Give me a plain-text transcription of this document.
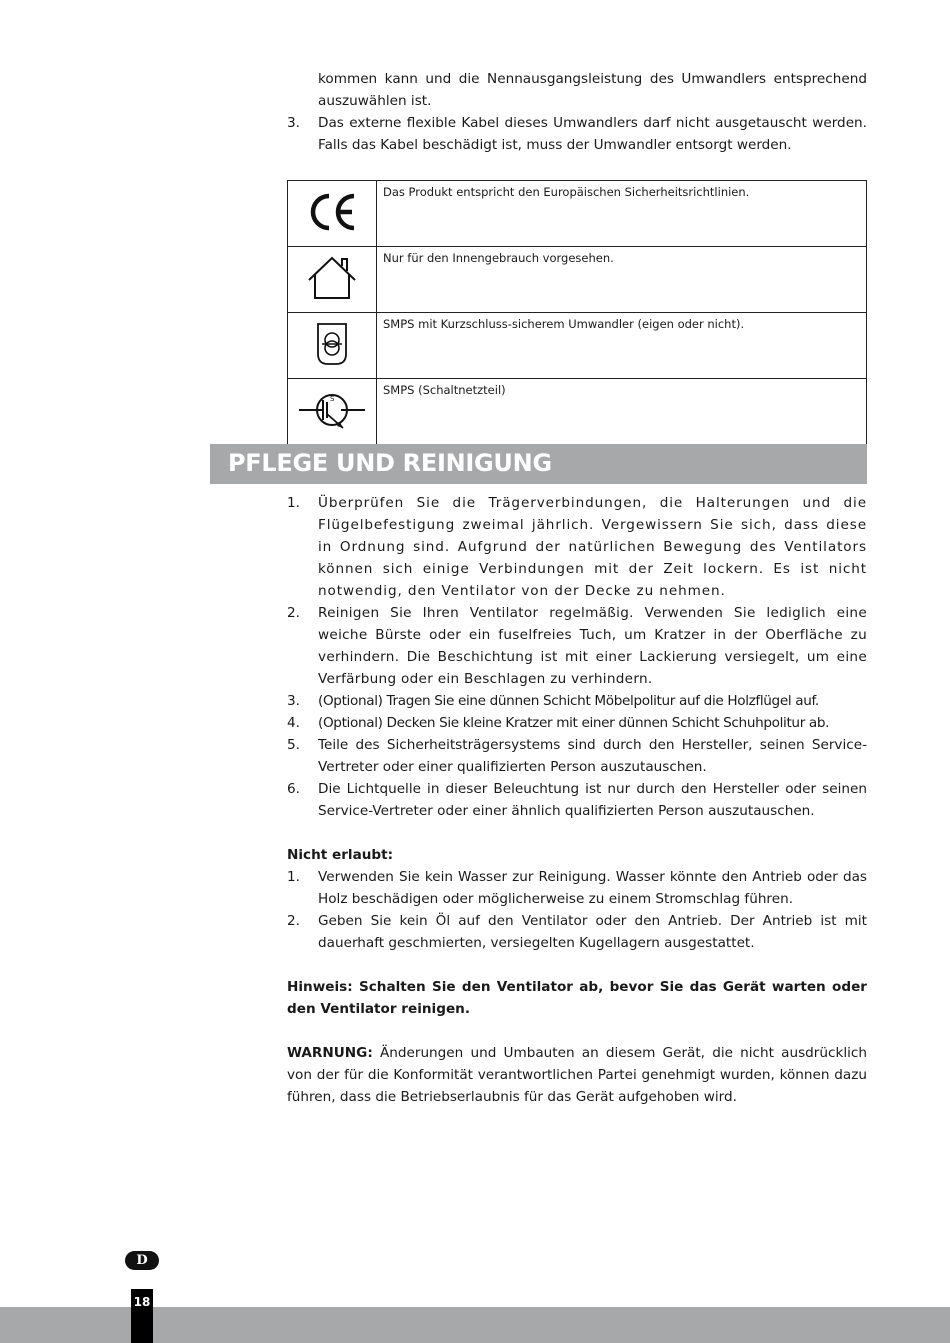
kommen kann und die Nennausgangsleistung des Umwandlers entsprechend
auszuwählen ist.
3. Das externe flexible Kabel dieses Umwandlers darf nicht ausgetauscht werden. Falls das Kabel beschädigt ist, muss der Umwandler entsorgt werden.
	Das Produkt entspricht den Europäischen Sicherheitsrichtlinien.
	Nur für den Innengebrauch vorgesehen.
	SMPS mit Kurzschluss-sicherem Umwandler (eigen oder nicht).

S	SMPS (Schaltnetzteil)
PFLEGE UND REINIGUNG
1. Überprüfen Sie die Trägerverbindungen, die Halterungen und die Flügelbefestigung zweimal jährlich. Vergewissern Sie sich, dass diese in Ordnung sind. Aufgrund der natürlichen Bewegung des Ventilators können sich einige Verbindungen mit der Zeit lockern. Es ist nicht notwendig, den Ventilator von der Decke zu nehmen.
2. Reinigen Sie Ihren Ventilator regelmäßig. Verwenden Sie lediglich eine weiche Bürste oder ein fuselfreies Tuch, um Kratzer in der Oberfläche zu verhindern. Die Beschichtung ist mit einer Lackierung versiegelt, um eine Verfärbung oder ein Beschlagen zu verhindern.
3. (Optional) Tragen Sie eine dünnen Schicht Möbelpolitur auf die Holzflügel auf.
4. (Optional) Decken Sie kleine Kratzer mit einer dünnen Schicht Schuhpolitur ab.
5. Teile des Sicherheitsträgersystems sind durch den Hersteller, seinen Service-Vertreter oder einer qualifizierten Person auszutauschen.
6. Die Lichtquelle in dieser Beleuchtung ist nur durch den Hersteller oder seinen Service-Vertreter oder einer ähnlich qualifizierten Person auszutauschen.
Nicht erlaubt:
1. Verwenden Sie kein Wasser zur Reinigung. Wasser könnte den Antrieb oder das Holz beschädigen oder möglicherweise zu einem Stromschlag führen.
2. Geben Sie kein Öl auf den Ventilator oder den Antrieb. Der Antrieb ist mit dauerhaft geschmierten, versiegelten Kugellagern ausgestattet.
Hinweis: Schalten Sie den Ventilator ab, bevor Sie das Gerät warten oder den Ventilator reinigen.
WARNUNG: Änderungen und Umbauten an diesem Gerät, die nicht ausdrücklich von der für die Konformität verantwortlichen Partei genehmigt wurden, können dazu führen, dass die Betriebserlaubnis für das Gerät aufgehoben wird.
D
18
